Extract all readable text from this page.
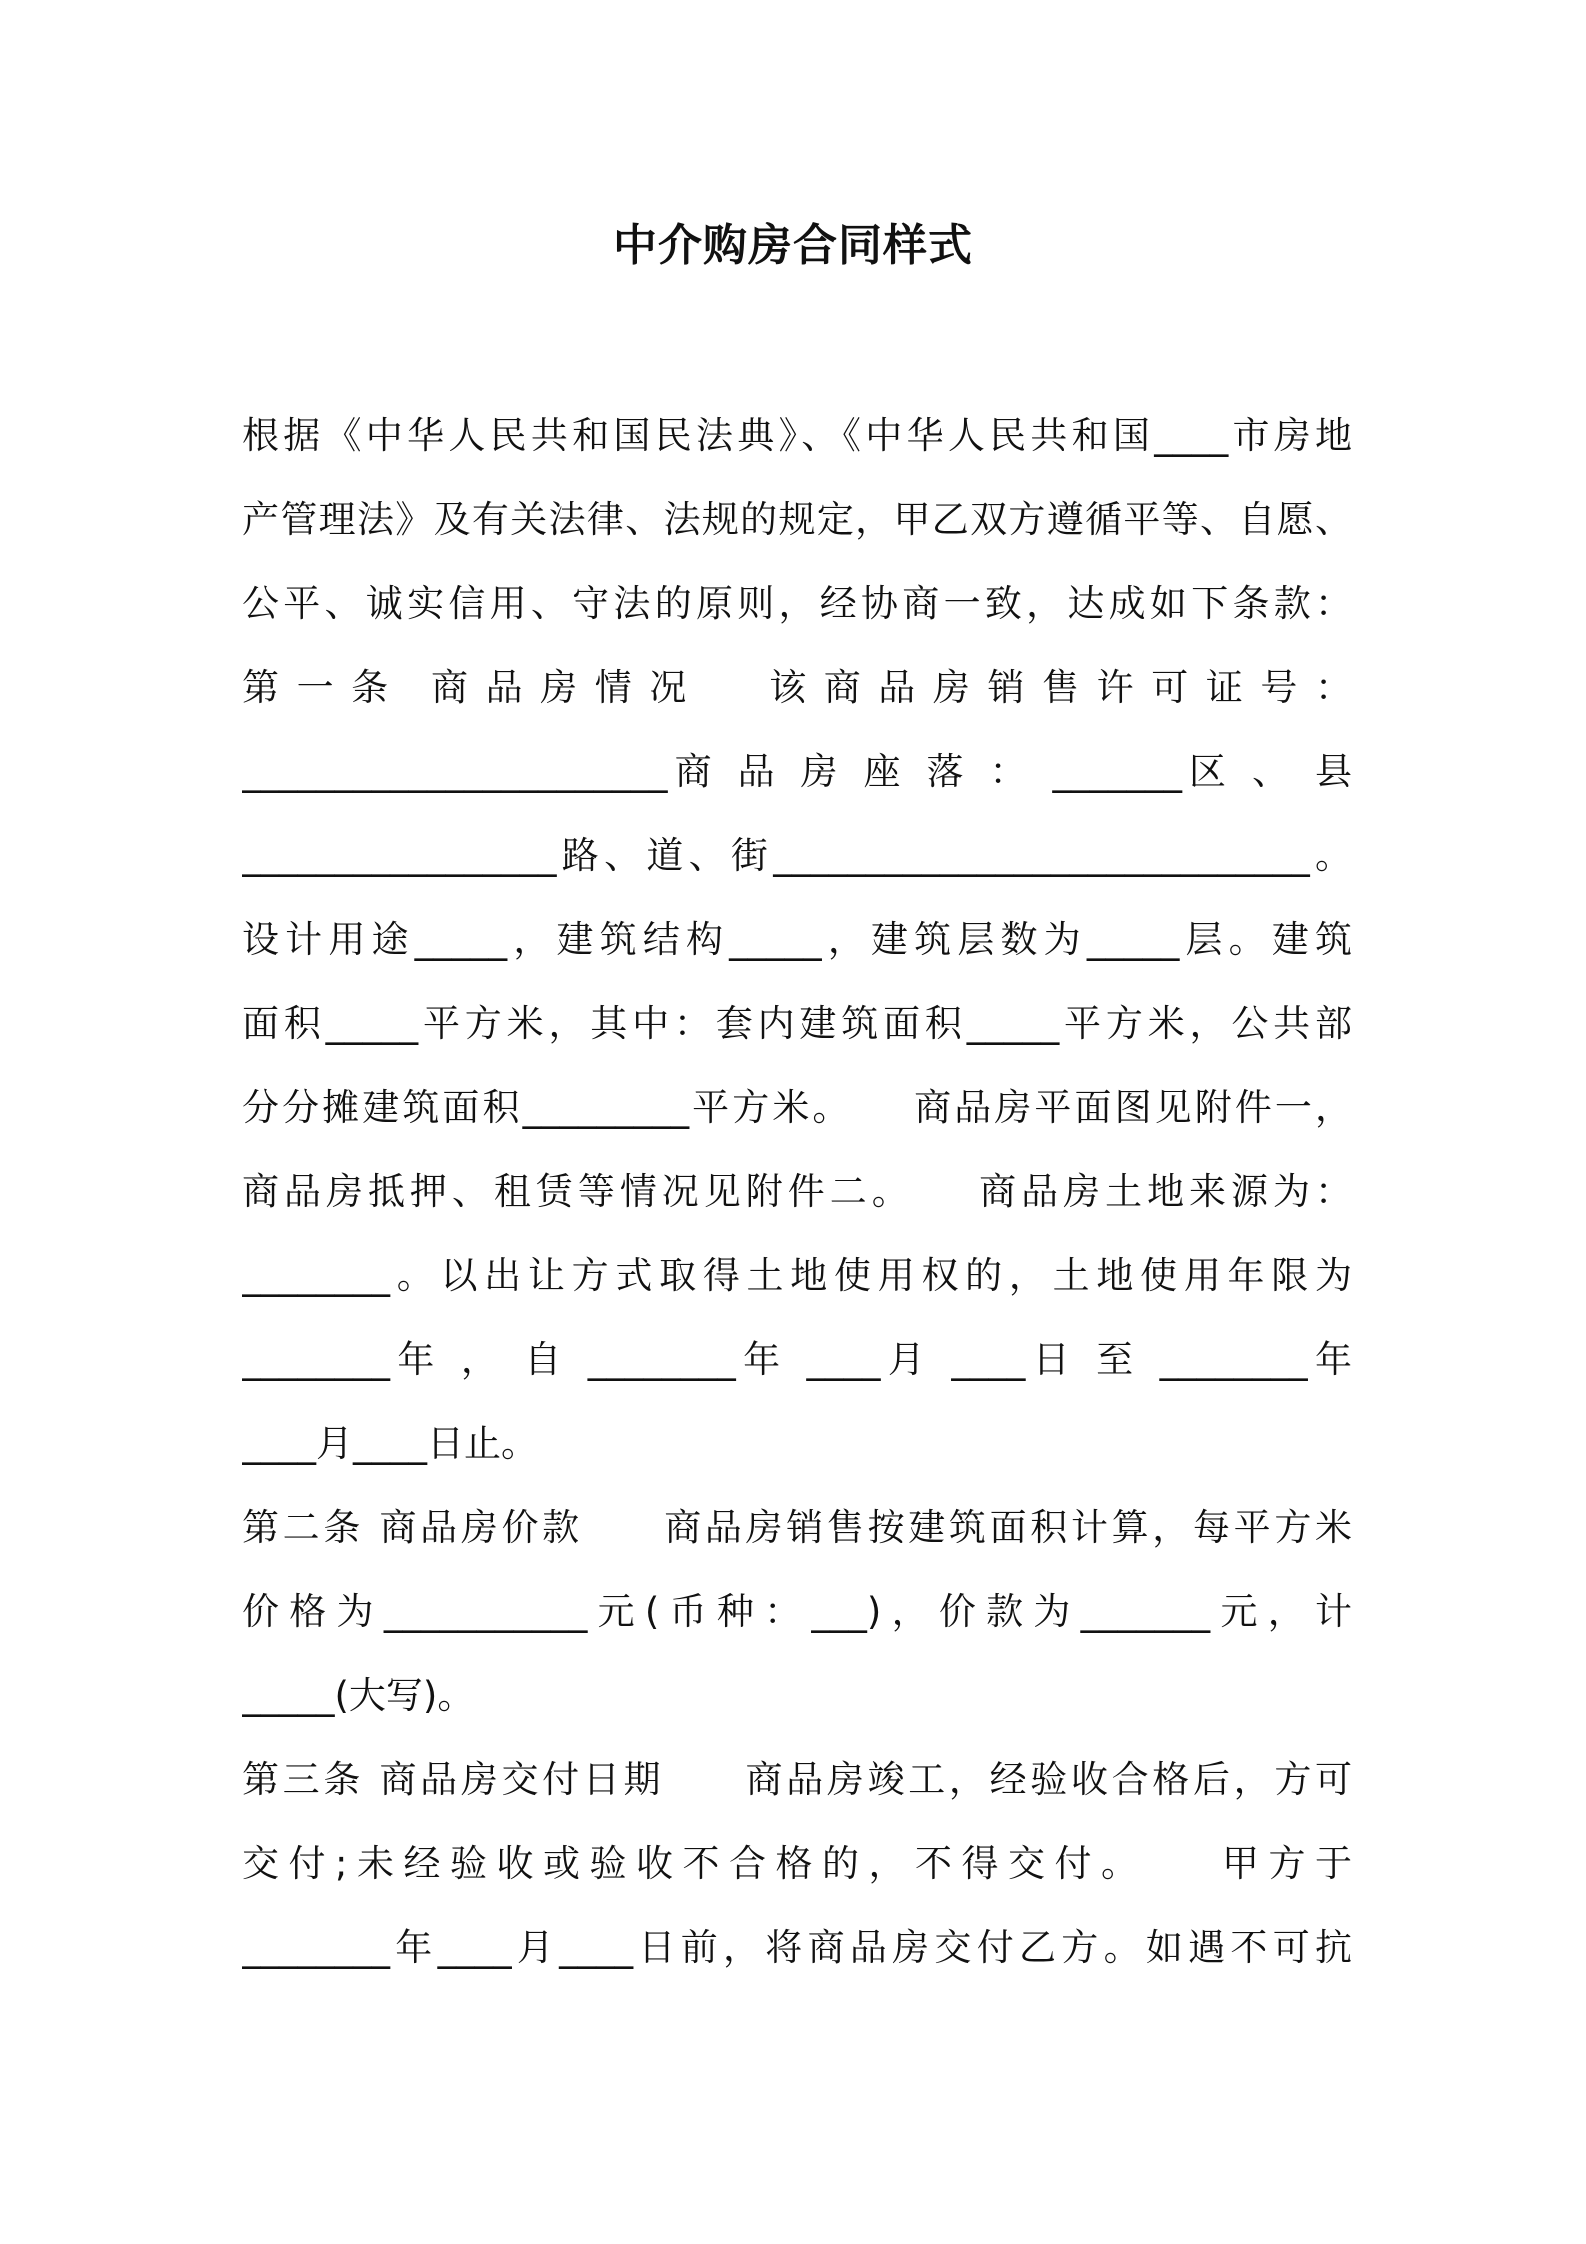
中介购房合同样式
根据《中华人民共和国民法典》、《中华人民共和国____市房地
产管理法》及有关法律、法规的规定，甲乙双方遵循平等、自愿、
公平、诚实信用、守法的原则，经协商一致，达成如下条款：
第 一 条　商 品 房 情 况　　该 商 品 房 销 售 许 可 证 号 ：
_______________________商 品 房 座 落 ： _______区 、 县
_________________路、道、街_____________________________。
设计用途_____，建筑结构_____，建筑层数为_____层。建筑
面积_____平方米，其中：套内建筑面积_____平方米，公共部
分分摊建筑面积_________平方米。　　商品房平面图见附件一，
商品房抵押、租赁等情况见附件二。　　商品房土地来源为：
________。以出让方式取得土地使用权的，土地使用年限为
________年 ， 自 ________年 ____月 ____日 至 ________年
____月____日止。
第二条 商品房价款　　商品房销售按建筑面积计算，每平方米
价格为___________元(币种：___)，价款为_______元，计
_____(大写)。
第三条 商品房交付日期　　商品房竣工，经验收合格后，方可
交付;未经验收或验收不合格的，不得交付。　　甲方于
________年____月____日前，将商品房交付乙方。如遇不可抗
